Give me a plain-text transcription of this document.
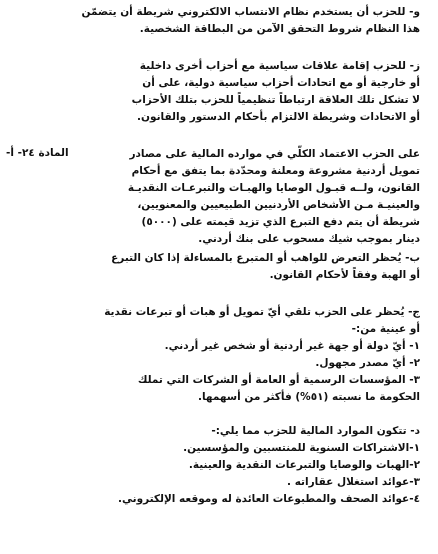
و- للحزب أن يستخدم نظام الانتساب الالكتروني شريطة أن يتضمّن
هذا النظام شروط التحقق الآمن من البطاقة الشخصية.
ز- للحزب إقامة علاقات سياسية مع أحزاب أخرى داخلية
أو خارجية أو مع اتحادات أحزاب سياسية دولية، على أن
لا تشكل تلك العلاقة ارتباطاً تنظيمياً للحزب بتلك الأحزاب
أو الاتحادات وشريطة الالتزام بأحكام الدستور والقانون.
المادة ٢٤- أ-	على الحزب الاعتماد الكلّي في موارده المالية على مصادر
تمويل أردنية مشروعة ومعلنة ومحدّدة بما يتفق مع أحكام
القانون، ولــه قبـول الوصايا والهبـات والتبرعـات النقديـة
والعينيـة مـن الأشخاص الأردنيين الطبيعيين والمعنويين،
شريطة أن يتم دفع التبرع الذي تزيد قيمته على (٥٠٠٠)
دينار بموجب شيك مسحوب على بنك أردني.
ب- يُحظر التعرض للواهب أو المتبرع بالمساءلة إذا كان التبرع
أو الهبة وفقاً لأحكام القانون.
ج- يُحظر على الحزب تلقي أيّ تمويل أو هبات أو تبرعات نقدية
أو عينية من:-
١- أيّ دولة أو جهة غير أردنية أو شخص غير أردني.
٢- أيّ مصدر مجهول.
٣- المؤسسات الرسمية أو العامة أو الشركات التي تملك
الحكومة ما نسبته (٥١%) فأكثر من أسهمها.
د- تتكون الموارد المالية للحزب مما يلي:-
١-الاشتراكات السنوية للمنتسبين والمؤسسين.
٢-الهبات والوصايا والتبرعات النقدية والعينية.
٣-عوائد استغلال عقاراته .
٤-عوائد الصحف والمطبوعات العائدة له وموقعه الإلكتروني.
